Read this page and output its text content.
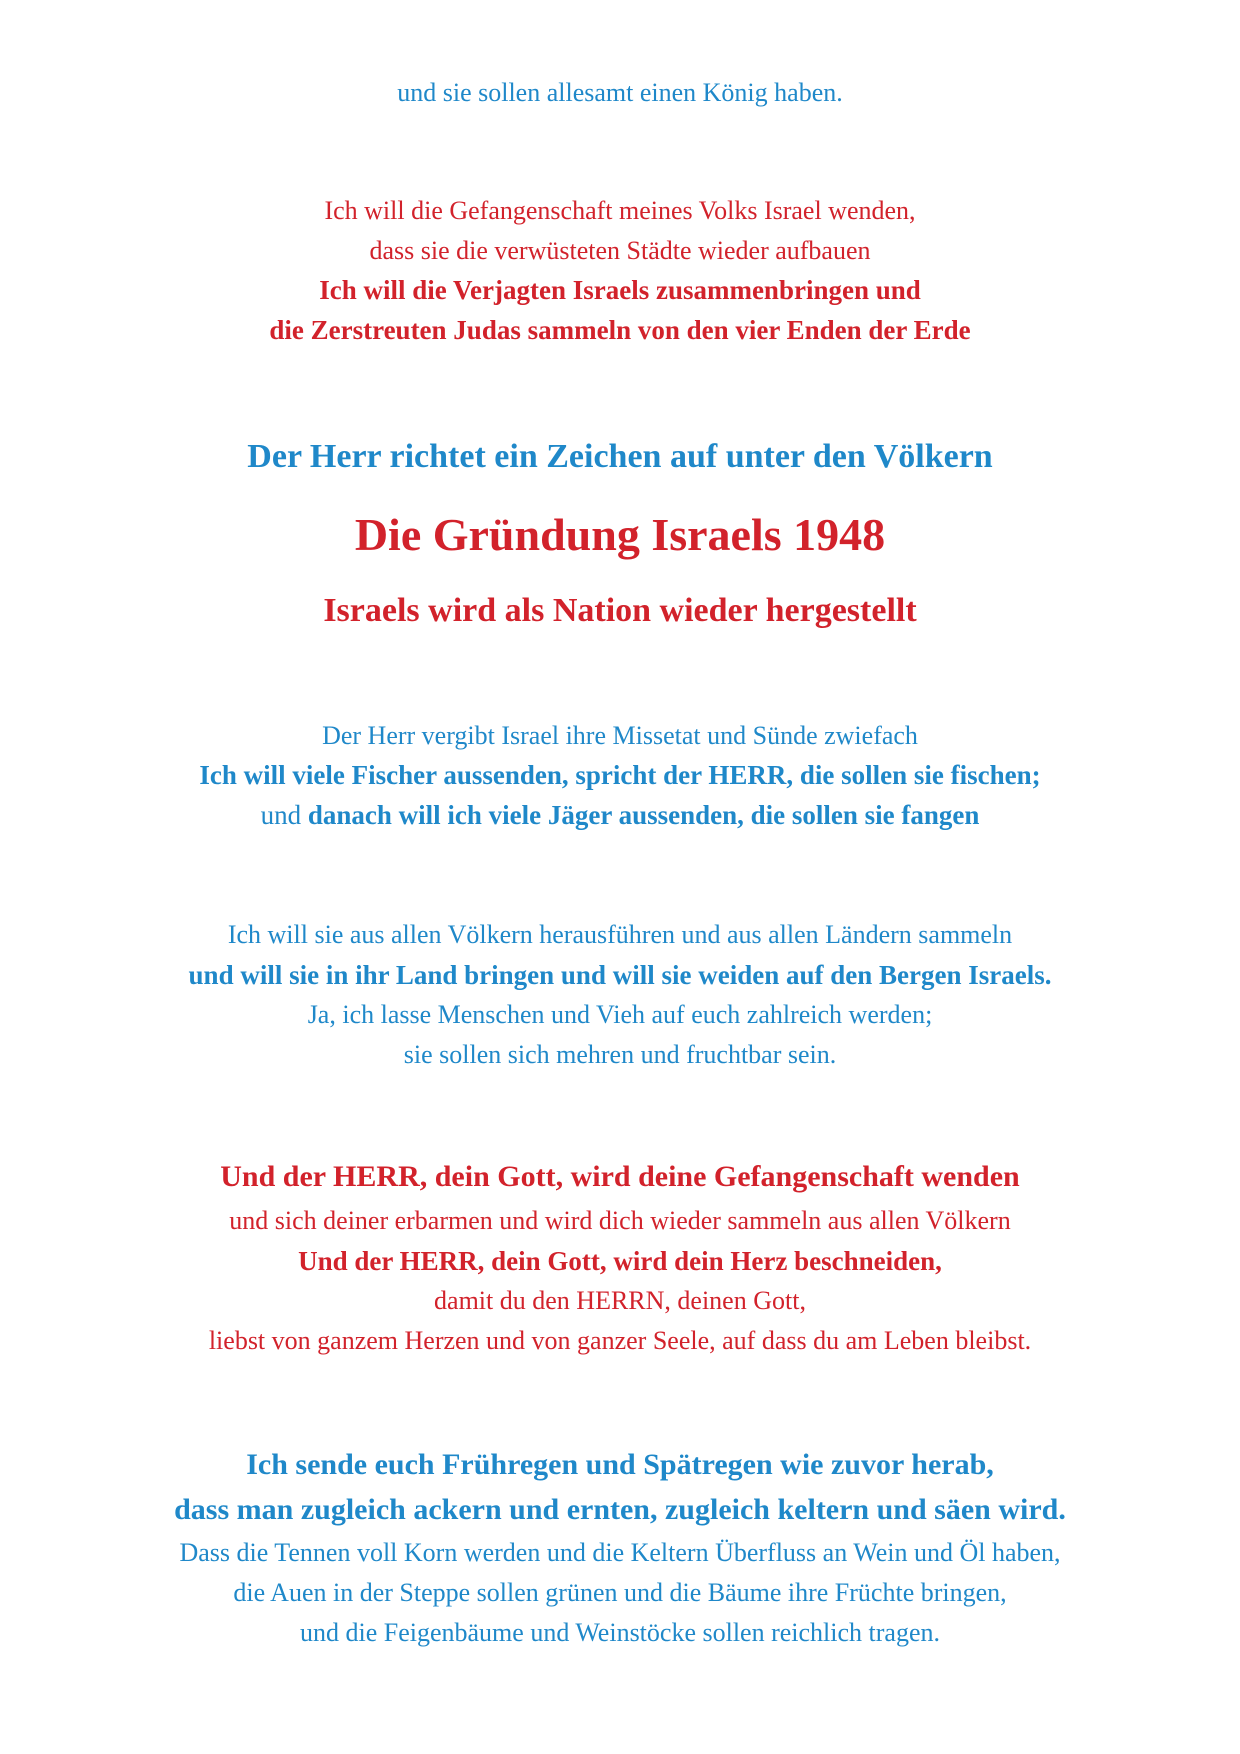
und sie sollen allesamt einen König haben.
Ich will die Gefangenschaft meines Volks Israel wenden,
dass sie die verwüsteten Städte wieder aufbauen
Ich will die Verjagten Israels zusammenbringen und
die Zerstreuten Judas sammeln von den vier Enden der Erde
Der Herr richtet ein Zeichen auf unter den Völkern
Die Gründung Israels 1948
Israels wird als Nation wieder hergestellt
Der Herr vergibt Israel ihre Missetat und Sünde zwiefach
Ich will viele Fischer aussenden, spricht der HERR, die sollen sie fischen;
und danach will ich viele Jäger aussenden, die sollen sie fangen
Ich will sie aus allen Völkern herausführen und aus allen Ländern sammeln
und will sie in ihr Land bringen und will sie weiden auf den Bergen Israels.
Ja, ich lasse Menschen und Vieh auf euch zahlreich werden;
sie sollen sich mehren und fruchtbar sein.
Und der HERR, dein Gott, wird deine Gefangenschaft wenden
und sich deiner erbarmen und wird dich wieder sammeln aus allen Völkern
Und der HERR, dein Gott, wird dein Herz beschneiden,
damit du den HERRN, deinen Gott,
liebst von ganzem Herzen und von ganzer Seele, auf dass du am Leben bleibst.
Ich sende euch Frühregen und Spätregen wie zuvor herab,
dass man zugleich ackern und ernten, zugleich keltern und säen wird.
Dass die Tennen voll Korn werden und die Keltern Überfluss an Wein und Öl haben,
die Auen in der Steppe sollen grünen und die Bäume ihre Früchte bringen,
und die Feigenbäume und Weinstöcke sollen reichlich tragen.
